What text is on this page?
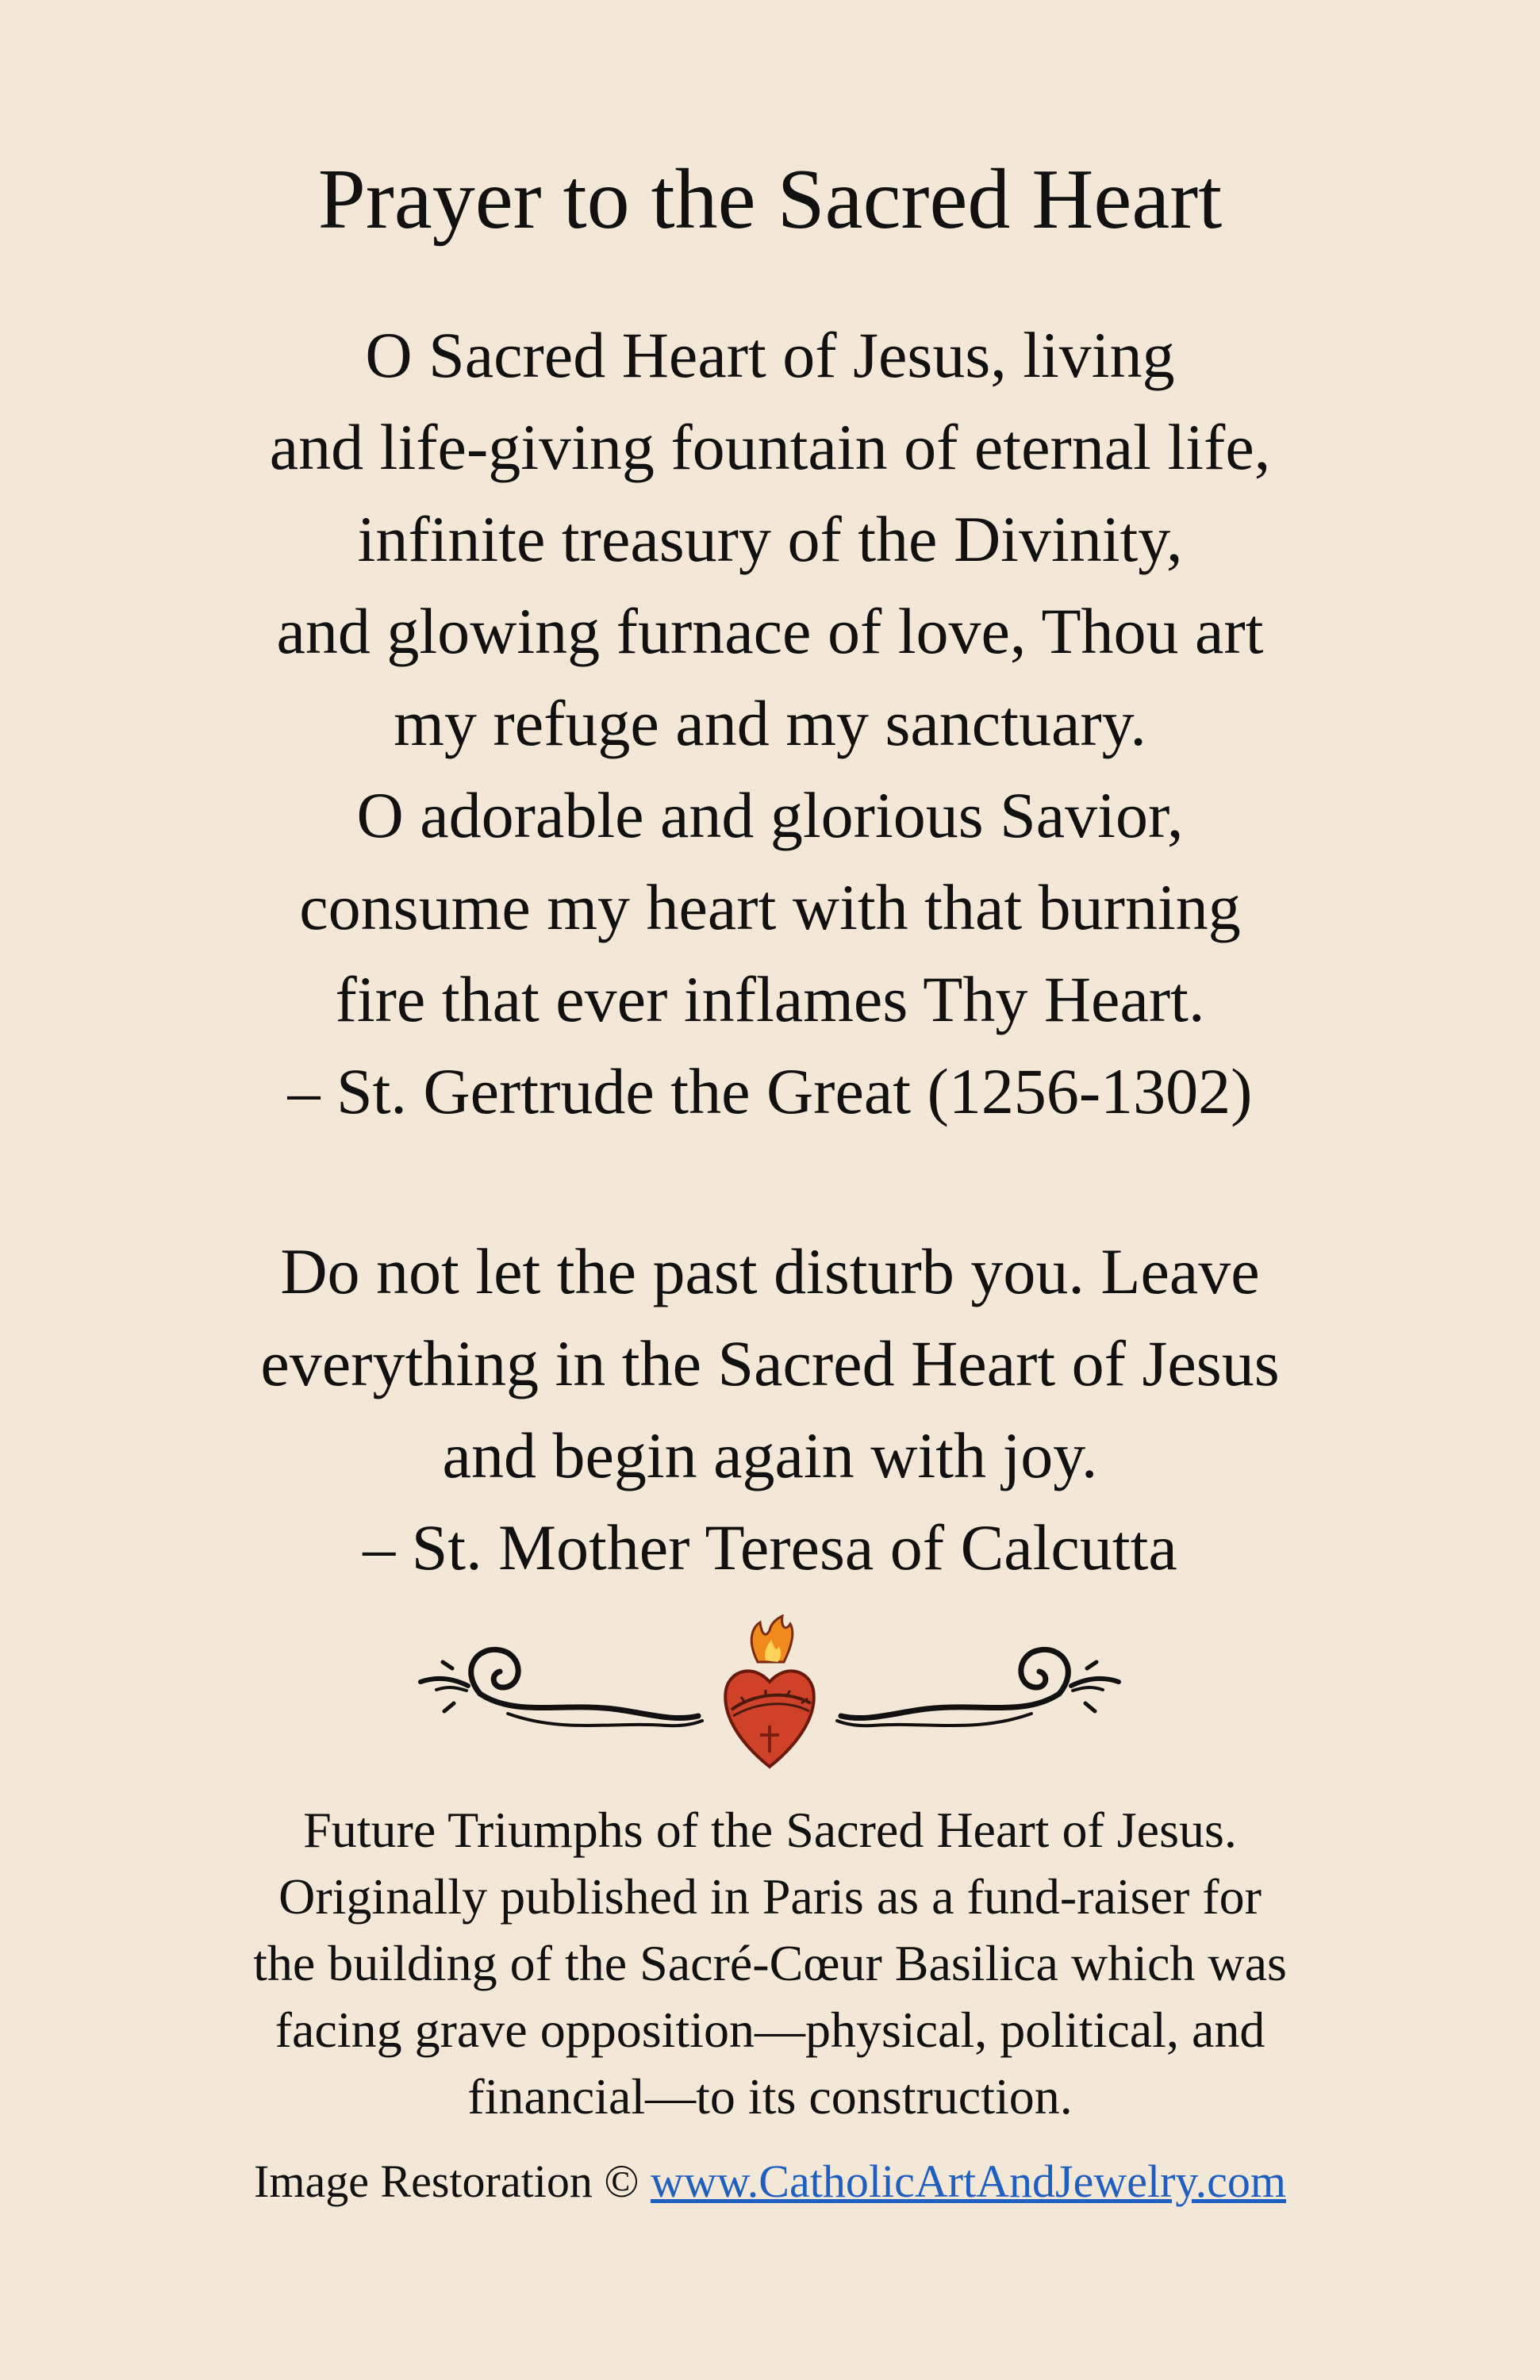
Prayer to the Sacred Heart
O Sacred Heart of Jesus, living
and life-giving fountain of eternal life,
infinite treasury of the Divinity,
and glowing furnace of love, Thou art
my refuge and my sanctuary.
O adorable and glorious Savior,
consume my heart with that burning
fire that ever inflames Thy Heart.
– St. Gertrude the Great (1256-1302)
Do not let the past disturb you. Leave
everything in the Sacred Heart of Jesus
and begin again with joy.
– St. Mother Teresa of Calcutta
Future Triumphs of the Sacred Heart of Jesus.
Originally published in Paris as a fund-raiser for
the building of the Sacré-Cœur Basilica which was
facing grave opposition—physical, political, and
financial—to its construction.
Image Restoration © www.CatholicArtAndJewelry.com
